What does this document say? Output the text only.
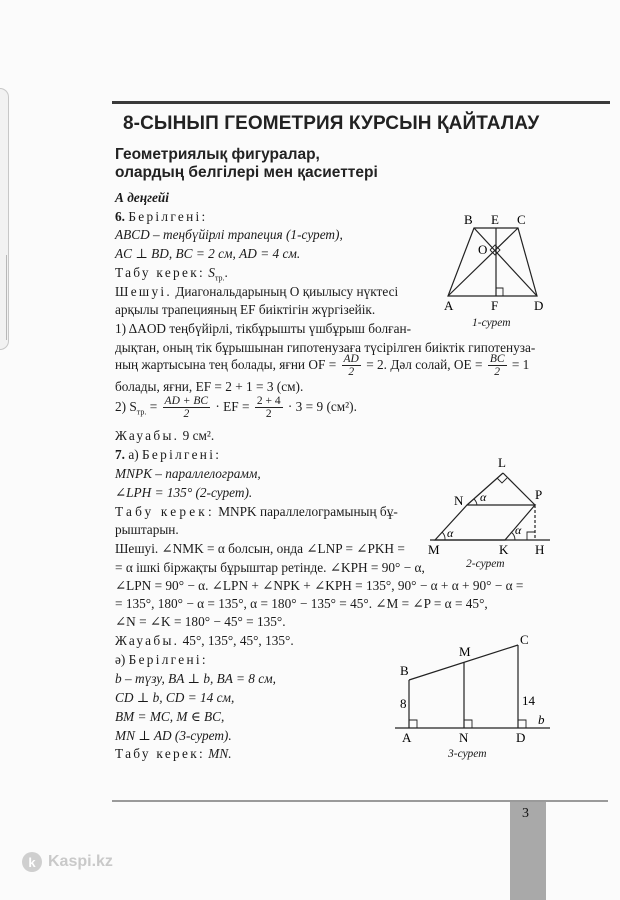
8-СЫНЫП ГЕОМЕТРИЯ КУРСЫН ҚАЙТАЛАУ
Геометриялық фигуралар,
олардың белгілері мен қасиеттері
А деңгейі
6. Берілгені:
ABCD – теңбүйірлі трапеция (1-сурет),
AC ⊥ BD, BC = 2 см, AD = 4 см.
Табу керек: $S_{тр.}$.
Шешуі. Диагональдарының O қиылысу нүктесі
арқылы трапецияның EF биіктігін жүргізейік.
1) ΔAOD теңбүйірлі, тікбұрышты үшбұрыш болған-
дықтан, оның тік бұрышынан гипотенузаға түсірілген биіктік гипотенуза-
ның жартысына тең болады, яғни OF = $\frac{AD}{2} = 2$. Дәл солай, OE = $\frac{BC}{2} = 1$
болады, яғни, EF = 2 + 1 = 3 (см).
2) $S_{тр.} = \frac{AD + BC}{2}$ · EF = $\frac{2 + 4}{2} \cdot 3 = 9$ (см²).
Жауабы. 9 см².
B E C
O
A	F	D
1-сурет
7. а) Берілгені:
MNPK – параллелограмм,
∠LPH = 135° (2-сурет).
Табу керек: MNPK параллелограмының бұ-
рыштарын.
Шешуі. ∠NMK = α болсын, онда ∠LNP = ∠PKH =
= α ішкі біржақты бұрыштар ретінде. ∠KPH = 90° − α,
∠LPN = 90° − α. ∠LPN + ∠NPK + ∠KPH = 135°, 90° − α + α + 90° − α =
= 135°, 180° − α = 135°, α = 180° − 135° = 45°. ∠M = ∠P = α = 45°,
∠N = ∠K = 180° − 45° = 135°.
Жауабы. 45°, 135°, 45°, 135°.
L
N	P
M	K H
α
α	α
2-сурет
ә) Берілгені:
b – түзу, BA ⊥ b, BA = 8 см,
CD ⊥ b, CD = 14 см,
BM = MC, M ∈ BC,
MN ⊥ AD (3-сурет).
Табу керек: MN.
B
M
C
8	14
b
A	N	D
3-сурет
3
k Kaspi.kz
